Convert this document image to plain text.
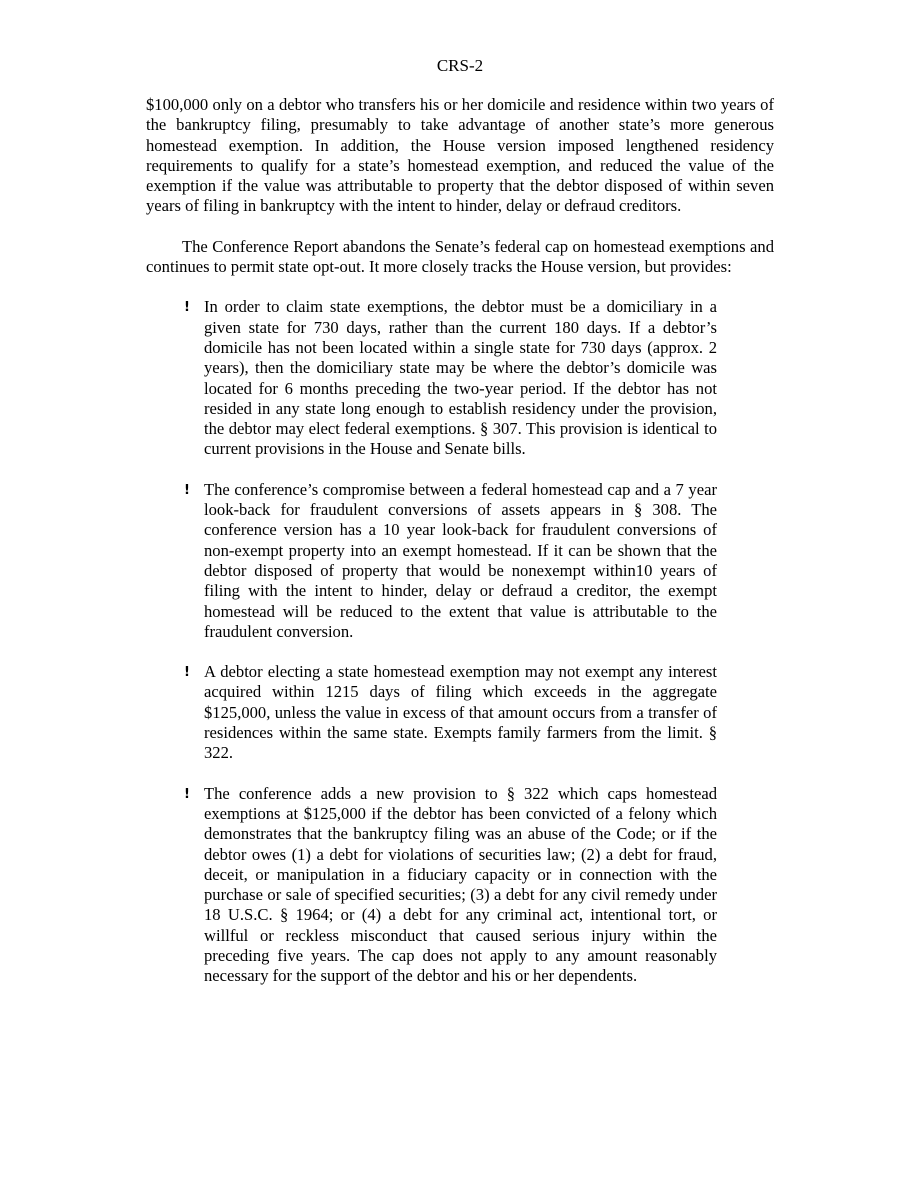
CRS-2

$100,000 only on a debtor who transfers his or her domicile and residence within two years of the bankruptcy filing, presumably to take advantage of another state’s more generous homestead exemption. In addition, the House version imposed lengthened residency requirements to qualify for a state’s homestead exemption, and reduced the value of the exemption if the value was attributable to property that the debtor disposed of within seven years of filing in bankruptcy with the intent to hinder, delay or defraud creditors.

The Conference Report abandons the Senate’s federal cap on homestead exemptions and continues to permit state opt-out. It more closely tracks the House version, but provides:

! In order to claim state exemptions, the debtor must be a domiciliary in a given state for 730 days, rather than the current 180 days. If a debtor’s domicile has not been located within a single state for 730 days (approx. 2 years), then the domiciliary state may be where the debtor’s domicile was located for 6 months preceding the two-year period. If the debtor has not resided in any state long enough to establish residency under the provision, the debtor may elect federal exemptions. § 307. This provision is identical to current provisions in the House and Senate bills.
! The conference’s compromise between a federal homestead cap and a 7 year look-back for fraudulent conversions of assets appears in § 308. The conference version has a 10 year look-back for fraudulent conversions of non-exempt property into an exempt homestead. If it can be shown that the debtor disposed of property that would be nonexempt within10 years of filing with the intent to hinder, delay or defraud a creditor, the exempt homestead will be reduced to the extent that value is attributable to the fraudulent conversion.
! A debtor electing a state homestead exemption may not exempt any interest acquired within 1215 days of filing which exceeds in the aggregate $125,000, unless the value in excess of that amount occurs from a transfer of residences within the same state. Exempts family farmers from the limit. § 322.
! The conference adds a new provision to § 322 which caps homestead exemptions at $125,000 if the debtor has been convicted of a felony which demonstrates that the bankruptcy filing was an abuse of the Code; or if the debtor owes (1) a debt for violations of securities law; (2) a debt for fraud, deceit, or manipulation in a fiduciary capacity or in connection with the purchase or sale of specified securities; (3) a debt for any civil remedy under 18 U.S.C. § 1964; or (4) a debt for any criminal act, intentional tort, or willful or reckless misconduct that caused serious injury within the preceding five years. The cap does not apply to any amount reasonably necessary for the support of the debtor and his or her dependents.
